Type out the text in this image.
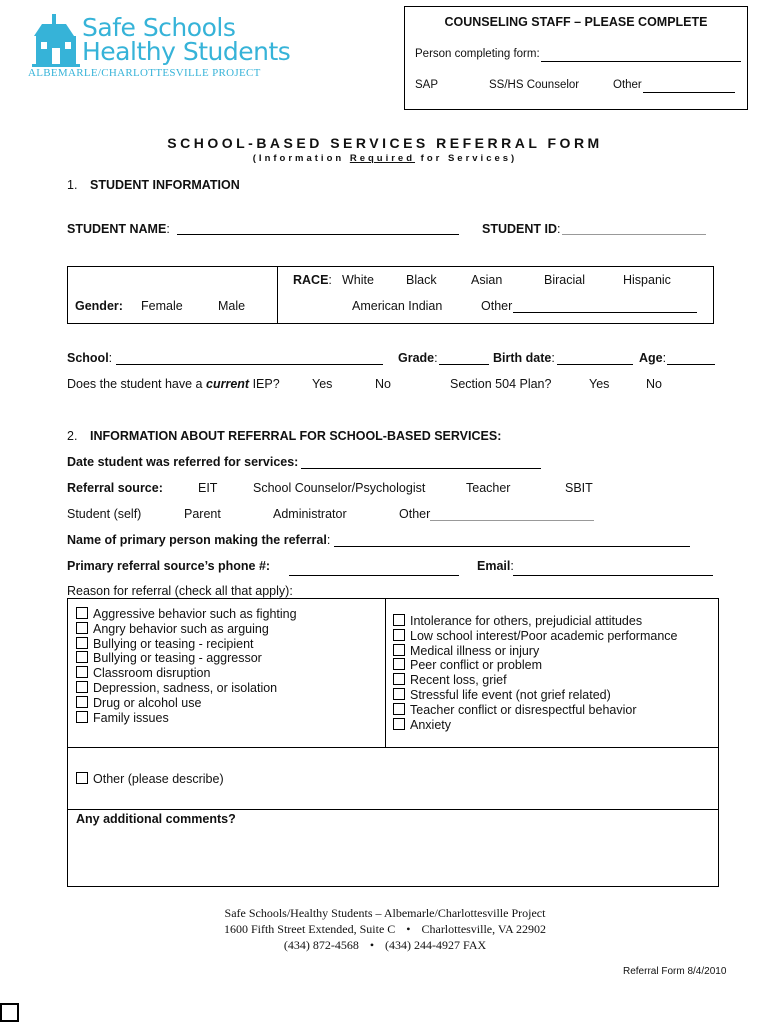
Safe Schools
Healthy Students
ALBEMARLE/CHARLOTTESVILLE PROJECT
COUNSELING STAFF – PLEASE COMPLETE
Person completing form:
SAP	SS/HS Counselor	Other
SCHOOL-BASED SERVICES REFERRAL FORM
(Information Required for Services)
1. STUDENT INFORMATION
STUDENT NAME:	STUDENT ID:
Gender: Female	Male
RACE: White	Black	Asian	Biracial	Hispanic
American Indian	Other
School:	Grade:	Birth date:	Age:
Does the student have a current IEP?	Yes	No	Section 504 Plan?	Yes	No
2. INFORMATION ABOUT REFERRAL FOR SCHOOL-BASED SERVICES:
Date student was referred for services:
Referral source:	EIT	School Counselor/Psychologist	Teacher	SBIT
Student (self)	Parent	Administrator	Other
Name of primary person making the referral:
Primary referral source’s phone #:	Email:
Reason for referral (check all that apply):
Aggressive behavior such as fighting
Angry behavior such as arguing
Bullying or teasing - recipient
Bullying or teasing - aggressor
Classroom disruption
Depression, sadness, or isolation
Drug or alcohol use
Family issues
Intolerance for others, prejudicial attitudes
Low school interest/Poor academic performance
Medical illness or injury
Peer conflict or problem
Recent loss, grief
Stressful life event (not grief related)
Teacher conflict or disrespectful behavior
Anxiety
Other (please describe)
Any additional comments?
Safe Schools/Healthy Students – Albemarle/Charlottesville Project
1600 Fifth Street Extended, Suite C • Charlottesville, VA 22902
(434) 872-4568 • (434) 244-4927 FAX
Referral Form 8/4/2010
